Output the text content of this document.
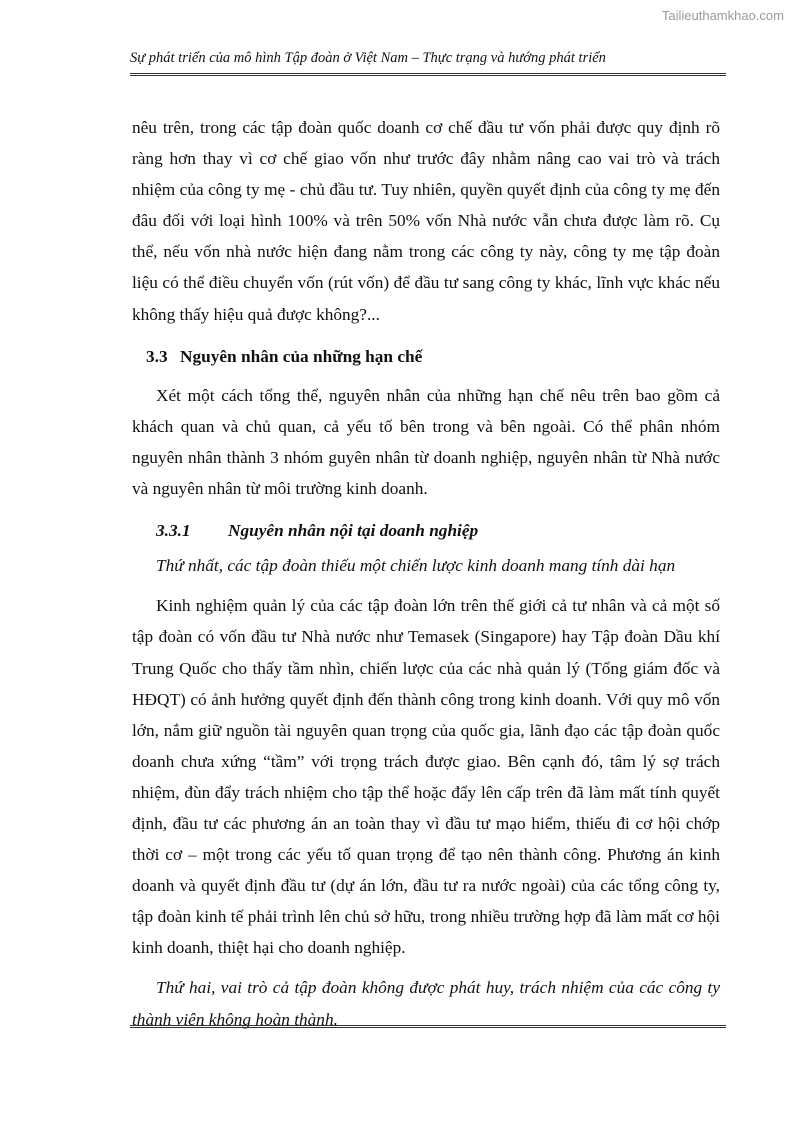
Tailieuthamkhao.com
Sự phát triển của mô hình Tập đoàn ở Việt Nam – Thực trạng và hướng phát triển

nêu trên, trong các tập đoàn quốc doanh cơ chế đầu tư vốn phải được quy định rõ ràng hơn thay vì cơ chế giao vốn như trước đây nhằm nâng cao vai trò và trách nhiệm của công ty mẹ - chủ đầu tư. Tuy nhiên, quyền quyết định của công ty mẹ đến đâu đối với loại hình 100% và trên 50% vốn Nhà nước vẫn chưa được làm rõ. Cụ thể, nếu vốn nhà nước hiện đang nằm trong các công ty này, công ty mẹ tập đoàn liệu có thể điều chuyển vốn (rút vốn) để đầu tư sang công ty khác, lĩnh vực khác nếu không thấy hiệu quả được không?...

3.3 Nguyên nhân của những hạn chế

Xét một cách tổng thể, nguyên nhân của những hạn chế nêu trên bao gồm cả khách quan và chủ quan, cả yếu tố bên trong và bên ngoài. Có thể phân nhóm nguyên nhân thành 3 nhóm guyên nhân từ doanh nghiệp, nguyên nhân từ Nhà nước và nguyên nhân từ môi trường kinh doanh.

3.3.1 Nguyên nhân nội tại doanh nghiệp

Thứ nhất, các tập đoàn thiếu một chiến lược kinh doanh mang tính dài hạn

Kinh nghiệm quản lý của các tập đoàn lớn trên thế giới cả tư nhân và cả một số tập đoàn có vốn đầu tư Nhà nước như Temasek (Singapore) hay Tập đoàn Dầu khí Trung Quốc cho thấy tầm nhìn, chiến lược của các nhà quản lý (Tổng giám đốc và HĐQT) có ảnh hưởng quyết định đến thành công trong kinh doanh. Với quy mô vốn lớn, nắm giữ nguồn tài nguyên quan trọng của quốc gia, lãnh đạo các tập đoàn quốc doanh chưa xứng “tầm” với trọng trách được giao. Bên cạnh đó, tâm lý sợ trách nhiệm, đùn đẩy trách nhiệm cho tập thể hoặc đẩy lên cấp trên đã làm mất tính quyết định, đầu tư các phương án an toàn thay vì đầu tư mạo hiểm, thiếu đi cơ hội chớp thời cơ – một trong các yếu tố quan trọng để tạo nên thành công. Phương án kinh doanh và quyết định đầu tư (dự án lớn, đầu tư ra nước ngoài) của các tổng công ty, tập đoàn kinh tế phải trình lên chủ sở hữu, trong nhiều trường hợp đã làm mất cơ hội kinh doanh, thiệt hại cho doanh nghiệp.

Thứ hai, vai trò cả tập đoàn không được phát huy, trách nhiệm của các công ty thành viên không hoàn thành.
